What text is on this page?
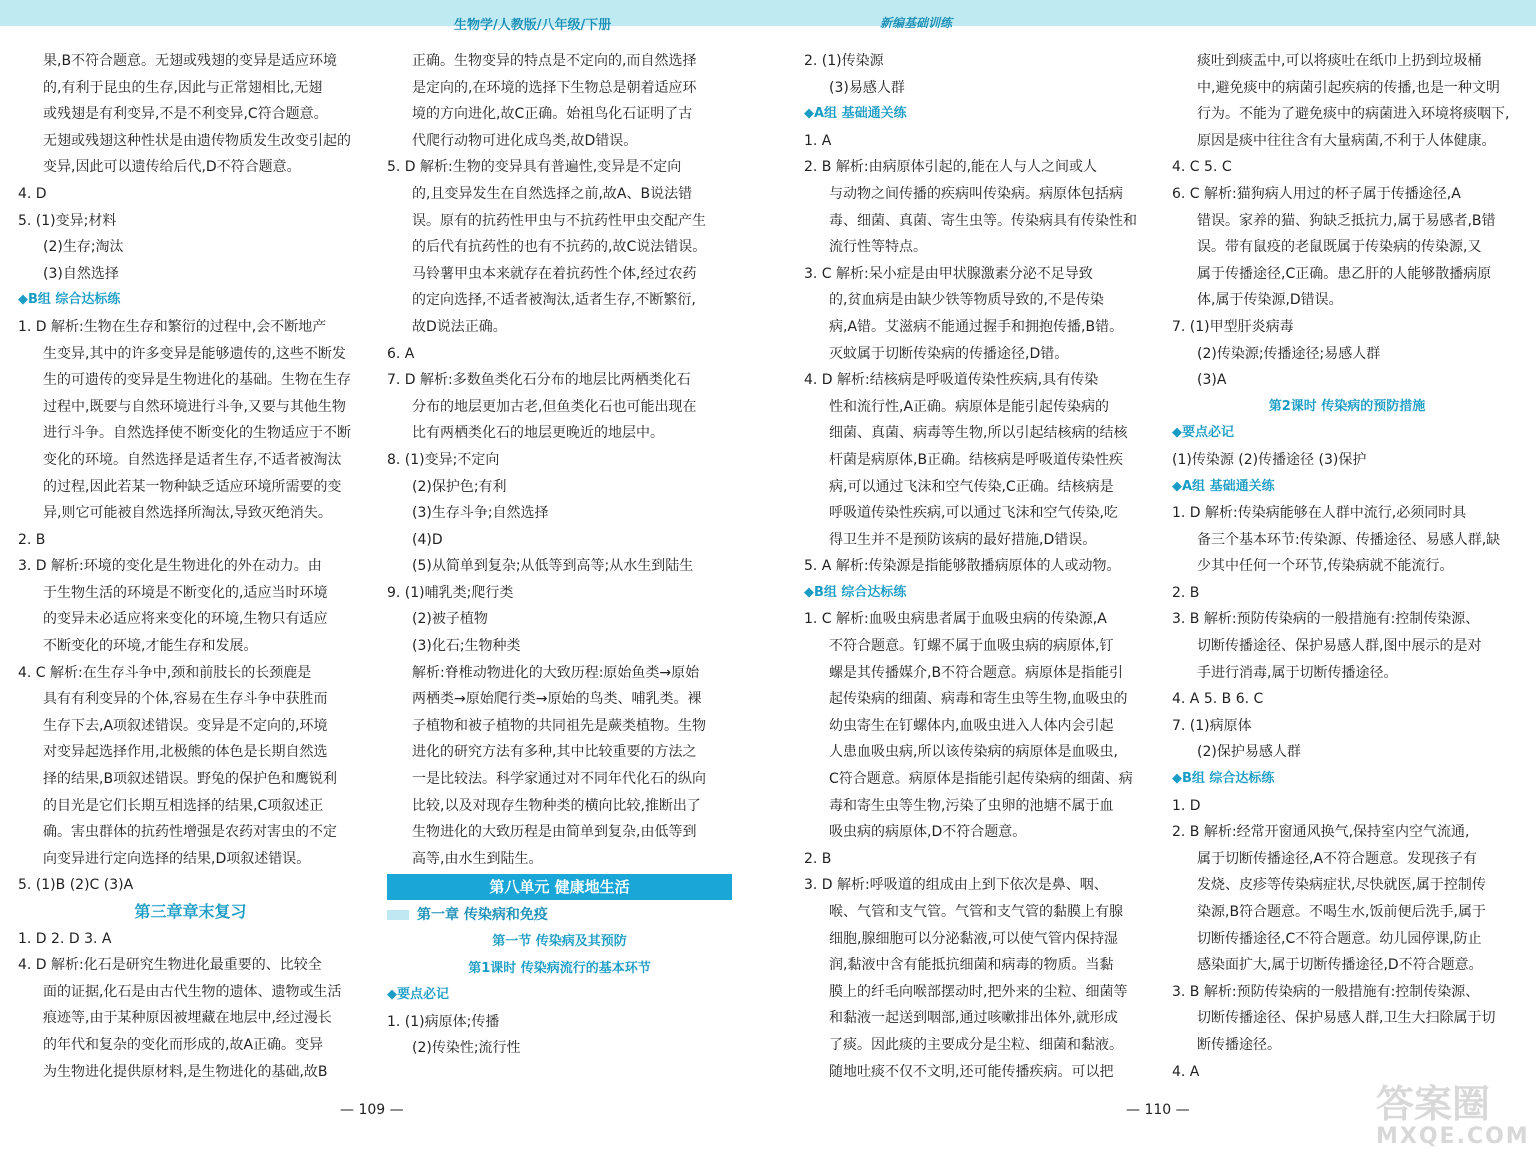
生物学/人教版/八年级/下册	新编基础训练

果,B不符合题意。无翅或残翅的变异是适应环境

的,有利于昆虫的生存,因此与正常翅相比,无翅

或残翅是有利变异,不是不利变异,C符合题意。

无翅或残翅这种性状是由遗传物质发生改变引起的

变异,因此可以遗传给后代,D不符合题意。

4. D

5. (1)变异;材料

(2)生存;淘汰

(3)自然选择

◆B组 综合达标练

1. D 解析:生物在生存和繁衍的过程中,会不断地产

生变异,其中的许多变异是能够遗传的,这些不断发

生的可遗传的变异是生物进化的基础。生物在生存

过程中,既要与自然环境进行斗争,又要与其他生物

进行斗争。自然选择使不断变化的生物适应于不断

变化的环境。自然选择是适者生存,不适者被淘汰

的过程,因此若某一物种缺乏适应环境所需要的变

异,则它可能被自然选择所淘汰,导致灭绝消失。

2. B

3. D 解析:环境的变化是生物进化的外在动力。由

于生物生活的环境是不断变化的,适应当时环境

的变异未必适应将来变化的环境,生物只有适应

不断变化的环境,才能生存和发展。

4. C 解析:在生存斗争中,颈和前肢长的长颈鹿是

具有有利变异的个体,容易在生存斗争中获胜而

生存下去,A项叙述错误。变异是不定向的,环境

对变异起选择作用,北极熊的体色是长期自然选

择的结果,B项叙述错误。野兔的保护色和鹰锐利

的目光是它们长期互相选择的结果,C项叙述正

确。害虫群体的抗药性增强是农药对害虫的不定

向变异进行定向选择的结果,D项叙述错误。

5. (1)B (2)C (3)A

第三章章末复习

1. D 2. D 3. A

4. D 解析:化石是研究生物进化最重要的、比较全

面的证据,化石是由古代生物的遗体、遗物或生活

痕迹等,由于某种原因被埋藏在地层中,经过漫长

的年代和复杂的变化而形成的,故A正确。变异

为生物进化提供原材料,是生物进化的基础,故B

正确。生物变异的特点是不定向的,而自然选择

是定向的,在环境的选择下生物总是朝着适应环

境的方向进化,故C正确。始祖鸟化石证明了古

代爬行动物可进化成鸟类,故D错误。

5. D 解析:生物的变异具有普遍性,变异是不定向

的,且变异发生在自然选择之前,故A、B说法错

误。原有的抗药性甲虫与不抗药性甲虫交配产生

的后代有抗药性的也有不抗药的,故C说法错误。

马铃薯甲虫本来就存在着抗药性个体,经过农药

的定向选择,不适者被淘汰,适者生存,不断繁衍,

故D说法正确。

6. A

7. D 解析:多数鱼类化石分布的地层比两栖类化石

分布的地层更加古老,但鱼类化石也可能出现在

比有两栖类化石的地层更晚近的地层中。

8. (1)变异;不定向

(2)保护色;有利

(3)生存斗争;自然选择

(4)D

(5)从简单到复杂;从低等到高等;从水生到陆生

9. (1)哺乳类;爬行类

(2)被子植物

(3)化石;生物种类

解析:脊椎动物进化的大致历程:原始鱼类→原始

两栖类→原始爬行类→原始的鸟类、哺乳类。裸

子植物和被子植物的共同祖先是蕨类植物。生物

进化的研究方法有多种,其中比较重要的方法之

一是比较法。科学家通过对不同年代化石的纵向

比较,以及对现存生物种类的横向比较,推断出了

生物进化的大致历程是由简单到复杂,由低等到

高等,由水生到陆生。

第八单元 健康地生活

第一章 传染病和免疫

第一节 传染病及其预防

第1课时 传染病流行的基本环节

◆要点必记

1. (1)病原体;传播

(2)传染性;流行性

2. (1)传染源

(3)易感人群

◆A组 基础通关练

1. A

2. B 解析:由病原体引起的,能在人与人之间或人

与动物之间传播的疾病叫传染病。病原体包括病

毒、细菌、真菌、寄生虫等。传染病具有传染性和

流行性等特点。

3. C 解析:呆小症是由甲状腺激素分泌不足导致

的,贫血病是由缺少铁等物质导致的,不是传染

病,A错。艾滋病不能通过握手和拥抱传播,B错。

灭蚊属于切断传染病的传播途径,D错。

4. D 解析:结核病是呼吸道传染性疾病,具有传染

性和流行性,A正确。病原体是能引起传染病的

细菌、真菌、病毒等生物,所以引起结核病的结核

杆菌是病原体,B正确。结核病是呼吸道传染性疾

病,可以通过飞沫和空气传染,C正确。结核病是

呼吸道传染性疾病,可以通过飞沫和空气传染,吃

得卫生并不是预防该病的最好措施,D错误。

5. A 解析:传染源是指能够散播病原体的人或动物。

◆B组 综合达标练

1. C 解析:血吸虫病患者属于血吸虫病的传染源,A

不符合题意。钉螺不属于血吸虫病的病原体,钉

螺是其传播媒介,B不符合题意。病原体是指能引

起传染病的细菌、病毒和寄生虫等生物,血吸虫的

幼虫寄生在钉螺体内,血吸虫进入人体内会引起

人患血吸虫病,所以该传染病的病原体是血吸虫,

C符合题意。病原体是指能引起传染病的细菌、病

毒和寄生虫等生物,污染了虫卵的池塘不属于血

吸虫病的病原体,D不符合题意。

2. B

3. D 解析:呼吸道的组成由上到下依次是鼻、咽、

喉、气管和支气管。气管和支气管的黏膜上有腺

细胞,腺细胞可以分泌黏液,可以使气管内保持湿

润,黏液中含有能抵抗细菌和病毒的物质。当黏

膜上的纤毛向喉部摆动时,把外来的尘粒、细菌等

和黏液一起送到咽部,通过咳嗽排出体外,就形成

了痰。因此痰的主要成分是尘粒、细菌和黏液。

随地吐痰不仅不文明,还可能传播疾病。可以把

痰吐到痰盂中,可以将痰吐在纸巾上扔到垃圾桶

中,避免痰中的病菌引起疾病的传播,也是一种文明

行为。不能为了避免痰中的病菌进入环境将痰咽下,

原因是痰中往往含有大量病菌,不利于人体健康。

4. C 5. C

6. C 解析:猫狗病人用过的杯子属于传播途径,A

错误。家养的猫、狗缺乏抵抗力,属于易感者,B错

误。带有鼠疫的老鼠既属于传染病的传染源,又

属于传播途径,C正确。患乙肝的人能够散播病原

体,属于传染源,D错误。

7. (1)甲型肝炎病毒

(2)传染源;传播途径;易感人群

(3)A

第2课时 传染病的预防措施

◆要点必记

(1)传染源 (2)传播途径 (3)保护

◆A组 基础通关练

1. D 解析:传染病能够在人群中流行,必须同时具

备三个基本环节:传染源、传播途径、易感人群,缺

少其中任何一个环节,传染病就不能流行。

2. B

3. B 解析:预防传染病的一般措施有:控制传染源、

切断传播途径、保护易感人群,图中展示的是对

手进行消毒,属于切断传播途径。

4. A 5. B 6. C

7. (1)病原体

(2)保护易感人群

◆B组 综合达标练

1. D

2. B 解析:经常开窗通风换气,保持室内空气流通,

属于切断传播途径,A不符合题意。发现孩子有

发烧、皮疹等传染病症状,尽快就医,属于控制传

染源,B符合题意。不喝生水,饭前便后洗手,属于

切断传播途径,C不符合题意。幼儿园停课,防止

感染面扩大,属于切断传播途径,D不符合题意。

3. B 解析:预防传染病的一般措施有:控制传染源、

切断传播途径、保护易感人群,卫生大扫除属于切

断传播途径。

4. A

— 109 —	— 110 —	答案圈
MXQE.COM
